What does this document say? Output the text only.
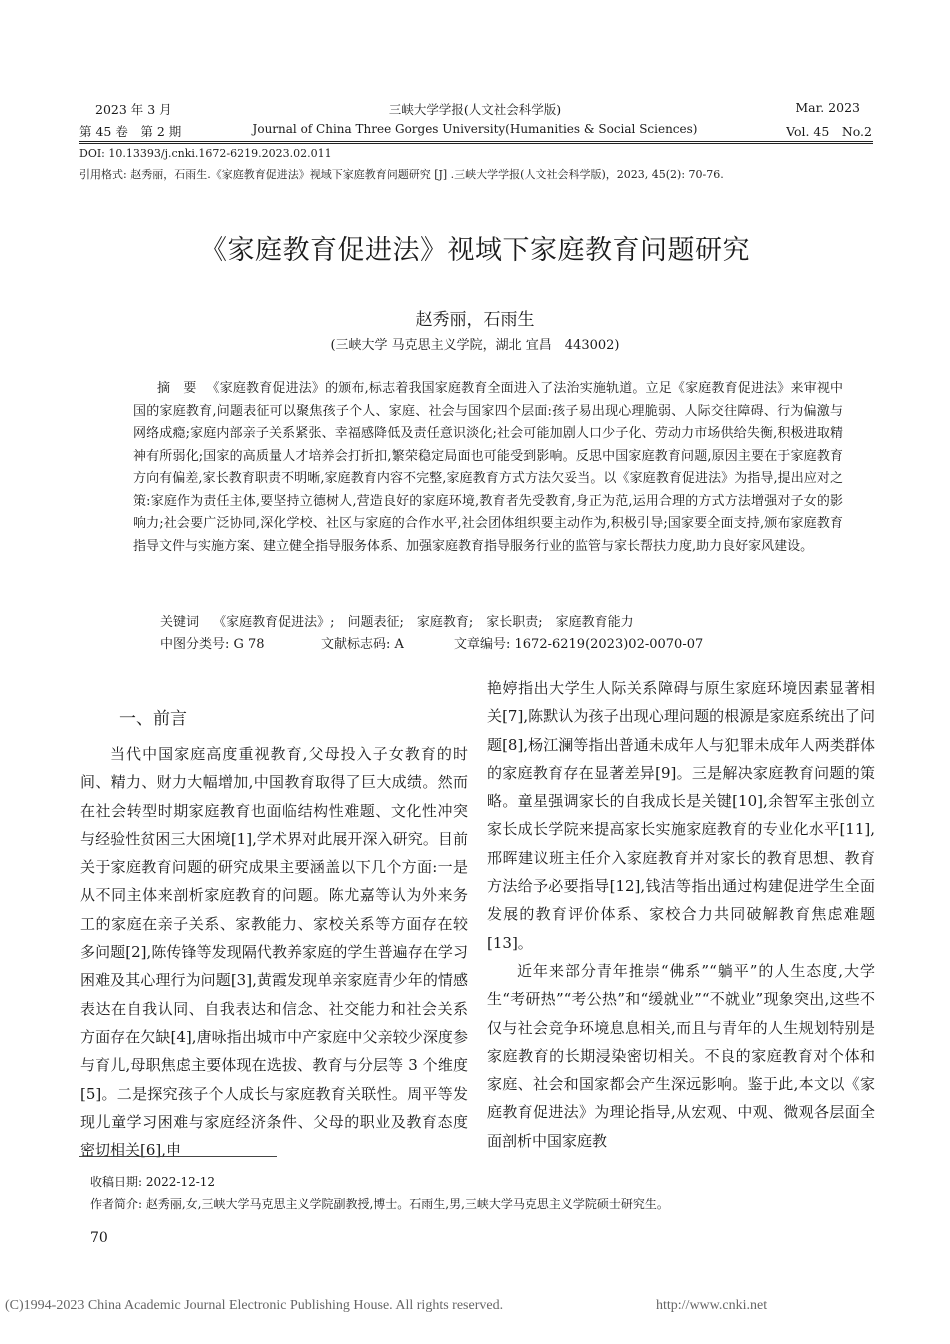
2023 年 3 月	三峡大学学报(人文社会科学版)	Mar. 2023
第 45 卷　第 2 期	Journal of China Three Gorges University(Humanities & Social Sciences)	Vol. 45　No.2
DOI: 10.13393/j.cnki.1672-6219.2023.02.011
引用格式: 赵秀丽，石雨生.《家庭教育促进法》视域下家庭教育问题研究 [J] .三峡大学学报(人文社会科学版)，2023, 45(2): 70-76.
《家庭教育促进法》视域下家庭教育问题研究
赵秀丽，石雨生
(三峡大学 马克思主义学院，湖北 宜昌　443002)
摘　要 《家庭教育促进法》的颁布,标志着我国家庭教育全面进入了法治实施轨道。立足《家庭教育促进法》来审视中国的家庭教育,问题表征可以聚焦孩子个人、家庭、社会与国家四个层面:孩子易出现心理脆弱、人际交往障碍、行为偏激与网络成瘾;家庭内部亲子关系紧张、幸福感降低及责任意识淡化;社会可能加剧人口少子化、劳动力市场供给失衡,积极进取精神有所弱化;国家的高质量人才培养会打折扣,繁荣稳定局面也可能受到影响。反思中国家庭教育问题,原因主要在于家庭教育方向有偏差,家长教育职责不明晰,家庭教育内容不完整,家庭教育方式方法欠妥当。以《家庭教育促进法》为指导,提出应对之策:家庭作为责任主体,要坚持立德树人,营造良好的家庭环境,教育者先受教育,身正为范,运用合理的方式方法增强对子女的影响力;社会要广泛协同,深化学校、社区与家庭的合作水平,社会团体组织要主动作为,积极引导;国家要全面支持,颁布家庭教育指导文件与实施方案、建立健全指导服务体系、加强家庭教育指导服务行业的监管与家长帮扶力度,助力良好家风建设。
关键词 《家庭教育促进法》;　问题表征;　家庭教育;　家长职责;　家庭教育能力
中图分类号: G 78	文献标志码: A	文章编号: 1672-6219(2023)02-0070-07
一、前言

当代中国家庭高度重视教育,父母投入子女教育的时间、精力、财力大幅增加,中国教育取得了巨大成绩。然而在社会转型时期家庭教育也面临结构性难题、文化性冲突与经验性贫困三大困境[1],学术界对此展开深入研究。目前关于家庭教育问题的研究成果主要涵盖以下几个方面:一是从不同主体来剖析家庭教育的问题。陈尤嘉等认为外来务工的家庭在亲子关系、家教能力、家校关系等方面存在较多问题[2],陈传锋等发现隔代教养家庭的学生普遍存在学习困难及其心理行为问题[3],黄霞发现单亲家庭青少年的情感表达在自我认同、自我表达和信念、社交能力和社会关系方面存在欠缺[4],唐咏指出城市中产家庭中父亲较少深度参与育儿,母职焦虑主要体现在选拔、教育与分层等 3 个维度[5]。二是探究孩子个人成长与家庭教育关联性。周平等发现儿童学习困难与家庭经济条件、父母的职业及教育态度密切相关[6],申

艳婷指出大学生人际关系障碍与原生家庭环境因素显著相关[7],陈默认为孩子出现心理问题的根源是家庭系统出了问题[8],杨江澜等指出普通未成年人与犯罪未成年人两类群体的家庭教育存在显著差异[9]。三是解决家庭教育问题的策略。童星强调家长的自我成长是关键[10],余智军主张创立家长成长学院来提高家长实施家庭教育的专业化水平[11],邢晖建议班主任介入家庭教育并对家长的教育思想、教育方法给予必要指导[12],钱洁等指出通过构建促进学生全面发展的教育评价体系、家校合力共同破解教育焦虑难题[13]。

近年来部分青年推崇“佛系”“躺平”的人生态度,大学生“考研热”“考公热”和“缓就业”“不就业”现象突出,这些不仅与社会竞争环境息息相关,而且与青年的人生规划特别是家庭教育的长期浸染密切相关。不良的家庭教育对个体和家庭、社会和国家都会产生深远影响。鉴于此,本文以《家庭教育促进法》为理论指导,从宏观、中观、微观各层面全面剖析中国家庭教

收稿日期: 2022-12-12
作者简介: 赵秀丽,女,三峡大学马克思主义学院副教授,博士。石雨生,男,三峡大学马克思主义学院硕士研究生。
70
(C)1994-2023 China Academic Journal Electronic Publishing House. All rights reserved.	http://www.cnki.net
